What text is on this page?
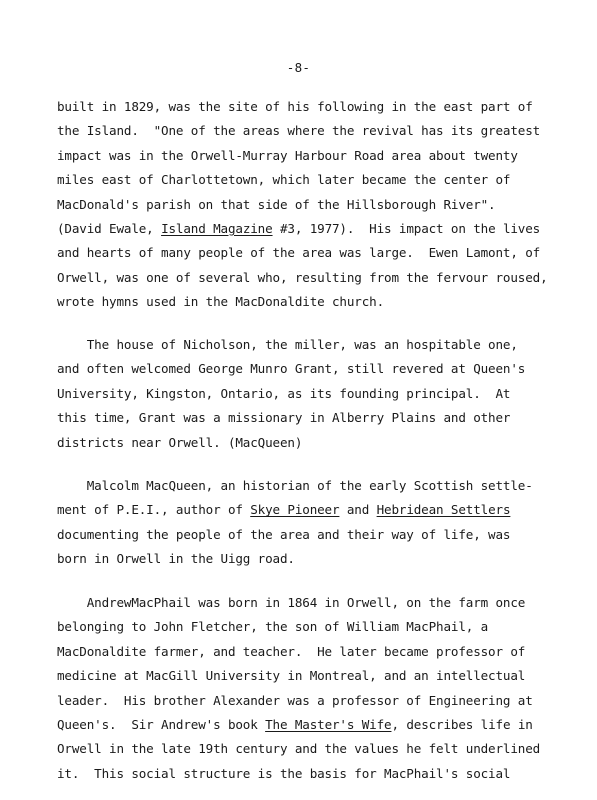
-8-
built in 1829, was the site of his following in the east part of
the Island.  "One of the areas where the revival has its greatest
impact was in the Orwell-Murray Harbour Road area about twenty
miles east of Charlottetown, which later became the center of
MacDonald's parish on that side of the Hillsborough River".
(David Ewale, Island Magazine #3, 1977).  His impact on the lives
and hearts of many people of the area was large.  Ewen Lamont, of
Orwell, was one of several who, resulting from the fervour roused,
wrote hymns used in the MacDonaldite church.
The house of Nicholson, the miller, was an hospitable one,
and often welcomed George Munro Grant, still revered at Queen's
University, Kingston, Ontario, as its founding principal.  At
this time, Grant was a missionary in Alberry Plains and other
districts near Orwell. (MacQueen)
Malcolm MacQueen, an historian of the early Scottish settle-
ment of P.E.I., author of Skye Pioneer and Hebridean Settlers
documenting the people of the area and their way of life, was
born in Orwell in the Uigg road.
AndrewMacPhail was born in 1864 in Orwell, on the farm once
belonging to John Fletcher, the son of William MacPhail, a
MacDonaldite farmer, and teacher.  He later became professor of
medicine at MacGill University in Montreal, and an intellectual
leader.  His brother Alexander was a professor of Engineering at
Queen's.  Sir Andrew's book The Master's Wife, describes life in
Orwell in the late 19th century and the values he felt underlined
it.  This social structure is the basis for MacPhail's social
